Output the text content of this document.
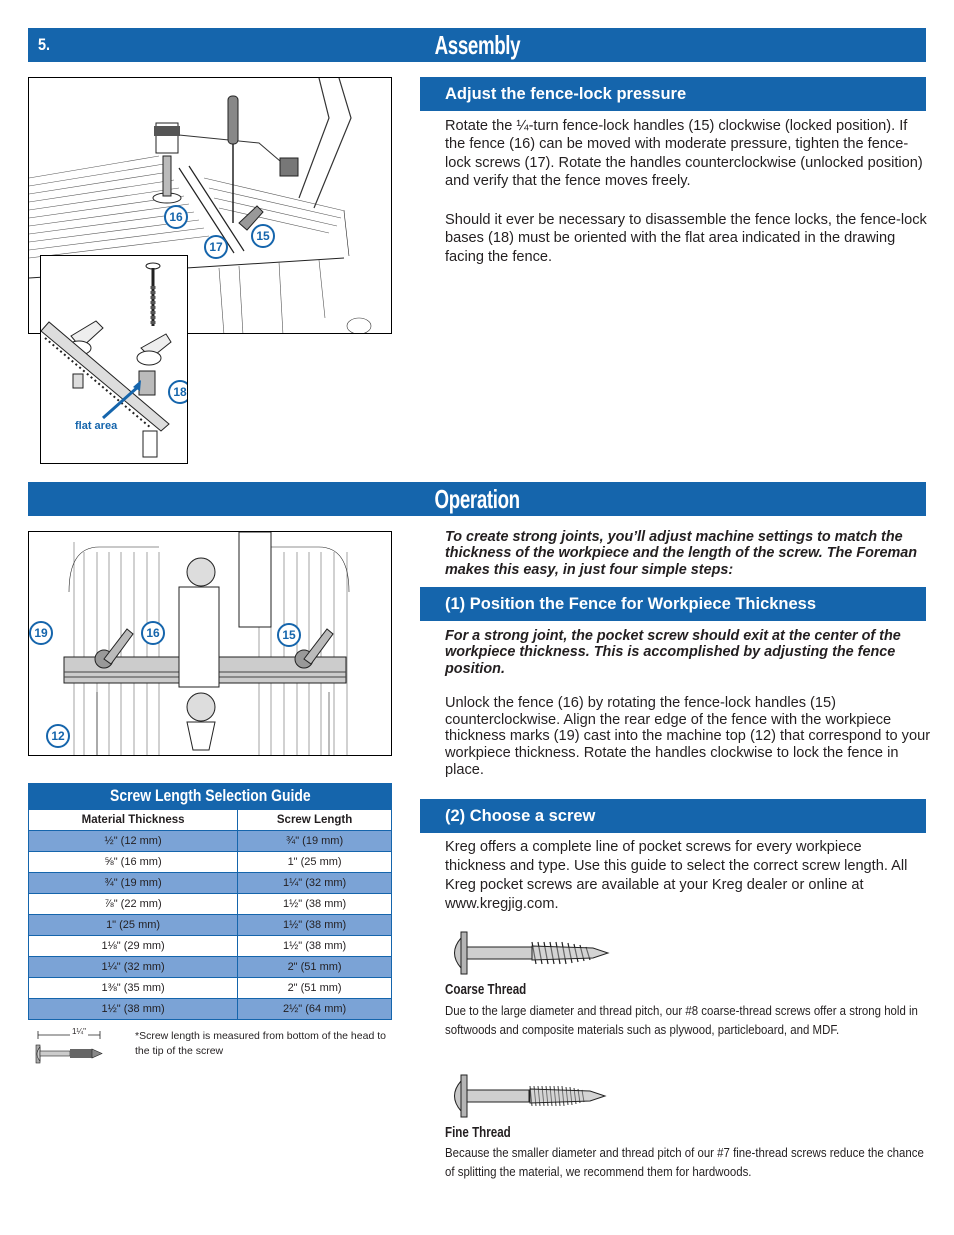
5.	Assembly
16
17
15
18
flat area
Adjust the fence-lock pressure
Rotate the ¼-turn fence-lock handles (15) clockwise (locked position). If the fence (16) can be moved with moderate pressure, tighten the fence-lock screws (17). Rotate the handles counterclockwise (unlocked position) and verify that the fence moves freely.
Should it ever be necessary to disassemble the fence locks, the fence-lock bases (18) must be oriented with the flat area indicated in the drawing facing the fence.
Operation
19	16	15
12
Screw Length Selection Guide
Material Thickness	Screw Length
½" (12 mm)	¾" (19 mm)
⅝" (16 mm)	1" (25 mm)
¾" (19 mm)	1¼" (32 mm)
⅞" (22 mm)	1½" (38 mm)
1" (25 mm)	1½" (38 mm)
1⅛" (29 mm)	1½" (38 mm)
1¼" (32 mm)	2" (51 mm)
1⅜" (35 mm)	2" (51 mm)
1½" (38 mm)	2½" (64 mm)
1¼"	*Screw length is measured from bottom of the head to the tip of the screw
To create strong joints, you’ll adjust machine settings to match the thickness of the workpiece and the length of the screw. The Foreman makes this easy, in just four simple steps:
(1) Position the Fence for Workpiece Thickness
For a strong joint, the pocket screw should exit at the center of the workpiece thickness. This is accomplished by adjusting the fence position.
Unlock the fence (16) by rotating the fence-lock handles (15) counterclockwise. Align the rear edge of the fence with the workpiece thickness marks (19) cast into the machine top (12) that correspond to your workpiece thickness. Rotate the handles clockwise to lock the fence in place.
(2) Choose a screw
Kreg offers a complete line of pocket screws for every workpiece thickness and type. Use this guide to select the correct screw length. All Kreg pocket screws are available at your Kreg dealer or online at www.kregjig.com.
Coarse Thread
Due to the large diameter and thread pitch, our #8 coarse-thread screws offer a strong hold in softwoods and composite materials such as plywood, particleboard, and MDF.
Fine Thread
Because the smaller diameter and thread pitch of our #7 fine-thread screws reduce the chance of splitting the material, we recommend them for hardwoods.
